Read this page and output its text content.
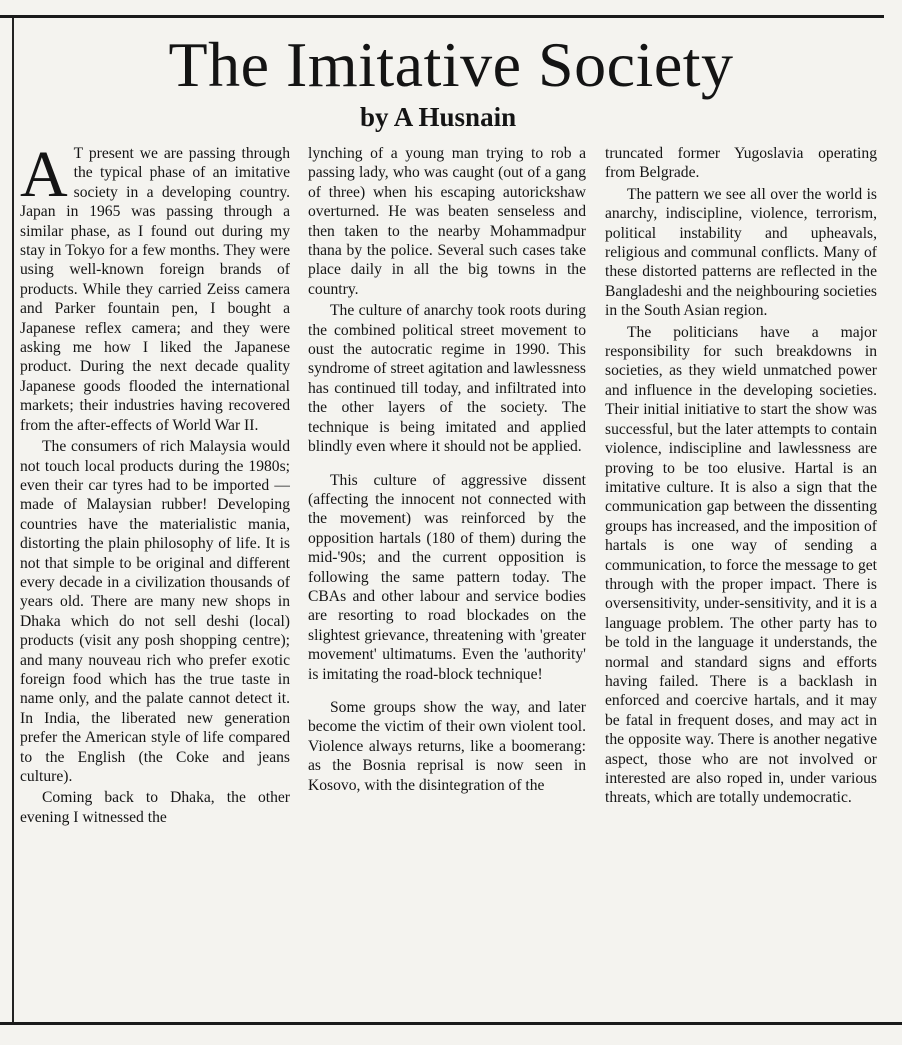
The Imitative Society
by A Husnain

A T present we are passing through the typical phase of an imitative society in a developing country. Japan in 1965 was passing through a similar phase, as I found out during my stay in Tokyo for a few months. They were using well-known foreign brands of products. While they carried Zeiss camera and Parker fountain pen, I bought a Japanese reflex camera; and they were asking me how I liked the Japanese product. During the next decade quality Japanese goods flooded the international markets; their industries having recovered from the after-effects of World War II.

The consumers of rich Malaysia would not touch local products during the 1980s; even their car tyres had to be imported — made of Malaysian rubber! Developing countries have the materialistic mania, distorting the plain philosophy of life. It is not that simple to be original and different every decade in a civilization thousands of years old. There are many new shops in Dhaka which do not sell deshi (local) products (visit any posh shopping centre); and many nouveau rich who prefer exotic foreign food which has the true taste in name only, and the palate cannot detect it. In India, the liberated new generation prefer the American style of life compared to the English (the Coke and jeans culture).

Coming back to Dhaka, the other evening I witnessed the

lynching of a young man trying to rob a passing lady, who was caught (out of a gang of three) when his escaping autorickshaw overturned. He was beaten senseless and then taken to the nearby Mohammadpur thana by the police. Several such cases take place daily in all the big towns in the country.

The culture of anarchy took roots during the combined political street movement to oust the autocratic regime in 1990. This syndrome of street agitation and lawlessness has continued till today, and infiltrated into the other layers of the society. The technique is being imitated and applied blindly even where it should not be applied.

This culture of aggressive dissent (affecting the innocent not connected with the movement) was reinforced by the opposition hartals (180 of them) during the mid-'90s; and the current opposition is following the same pattern today. The CBAs and other labour and service bodies are resorting to road blockades on the slightest grievance, threatening with 'greater movement' ultimatums. Even the 'authority' is imitating the road-block technique!

Some groups show the way, and later become the victim of their own violent tool. Violence always returns, like a boomerang: as the Bosnia reprisal is now seen in Kosovo, with the disintegration of the

truncated former Yugoslavia operating from Belgrade.

The pattern we see all over the world is anarchy, indiscipline, violence, terrorism, political instability and upheavals, religious and communal conflicts. Many of these distorted patterns are reflected in the Bangladeshi and the neighbouring societies in the South Asian region.

The politicians have a major responsibility for such breakdowns in societies, as they wield unmatched power and influence in the developing societies. Their initial initiative to start the show was successful, but the later attempts to contain violence, indiscipline and lawlessness are proving to be too elusive. Hartal is an imitative culture. It is also a sign that the communication gap between the dissenting groups has increased, and the imposition of hartals is one way of sending a communication, to force the message to get through with the proper impact. There is oversensitivity, under-sensitivity, and it is a language problem. The other party has to be told in the language it understands, the normal and standard signs and efforts having failed. There is a backlash in enforced and coercive hartals, and it may be fatal in frequent doses, and may act in the opposite way. There is another negative aspect, those who are not involved or interested are also roped in, under various threats, which are totally undemocratic.
